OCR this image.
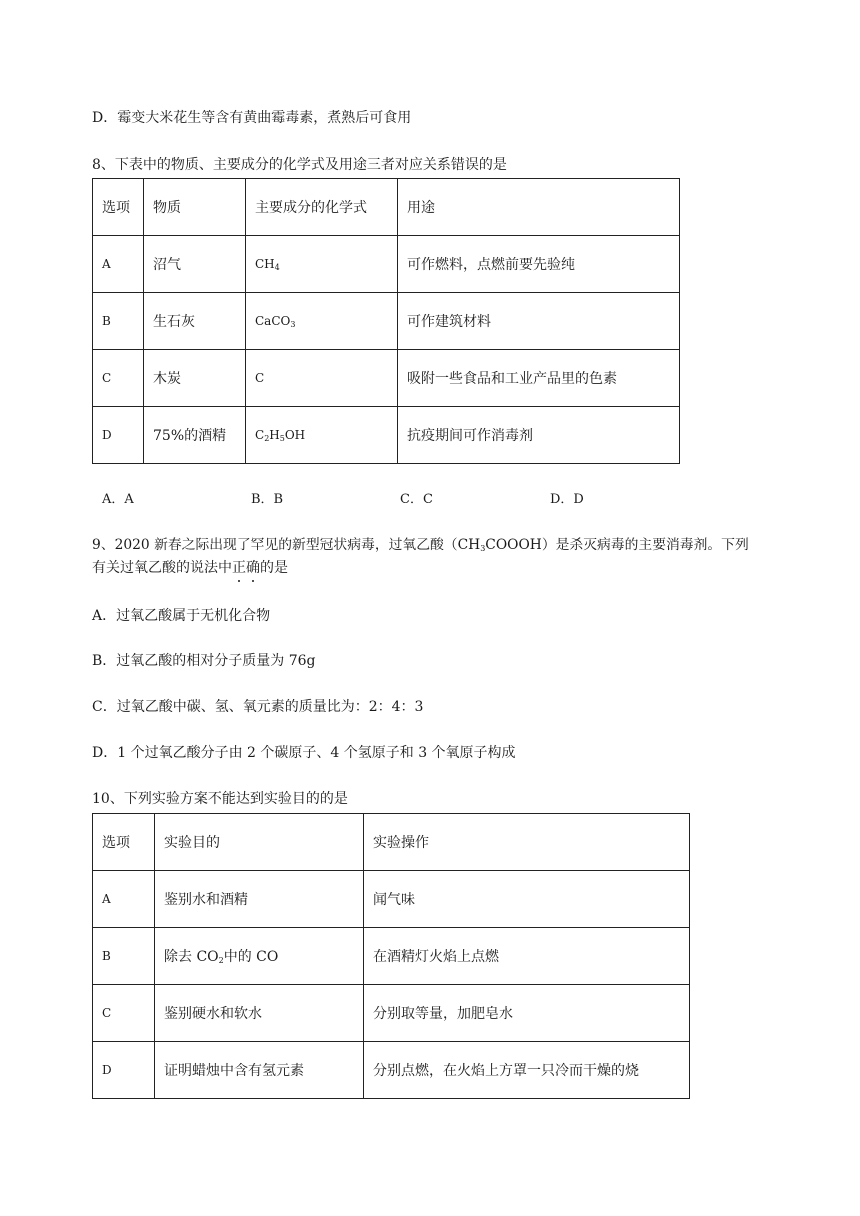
D．霉变大米花生等含有黄曲霉毒素，煮熟后可食用
8、下表中的物质、主要成分的化学式及用途三者对应关系错误的是
选项	物质	主要成分的化学式	用途
A	沼气	$CH_4$	可作燃料，点燃前要先验纯
B	生石灰	CaCO$_3$	可作建筑材料
C	木炭	C	吸附一些食品和工业产品里的色素
D	75%的酒精	$C_2H_5OH$	抗疫期间可作消毒剂
A．A	B．B	C．C	D．D
9、2020 新春之际出现了罕见的新型冠状病毒，过氧乙酸$(CH_3COOOH)$是杀灭病毒的主要消毒剂。下列
有关过氧乙酸的说法中正确的是
A．过氧乙酸属于无机化合物
B．过氧乙酸的相对分子质量为 76g
C．过氧乙酸中碳、氢、氧元素的质量比为：2：4：3
D．1 个过氧乙酸分子由 2 个碳原子、4 个氢原子和 3 个氧原子构成
10、下列实验方案不能达到实验目的的是
选项	实验目的	实验操作
A	鉴别水和酒精	闻气味
B	除去 $CO_2$中的 CO	在酒精灯火焰上点燃
C	鉴别硬水和软水	分别取等量，加肥皂水
D	证明蜡烛中含有氢元素	分别点燃，在火焰上方罩一只冷而干燥的烧
